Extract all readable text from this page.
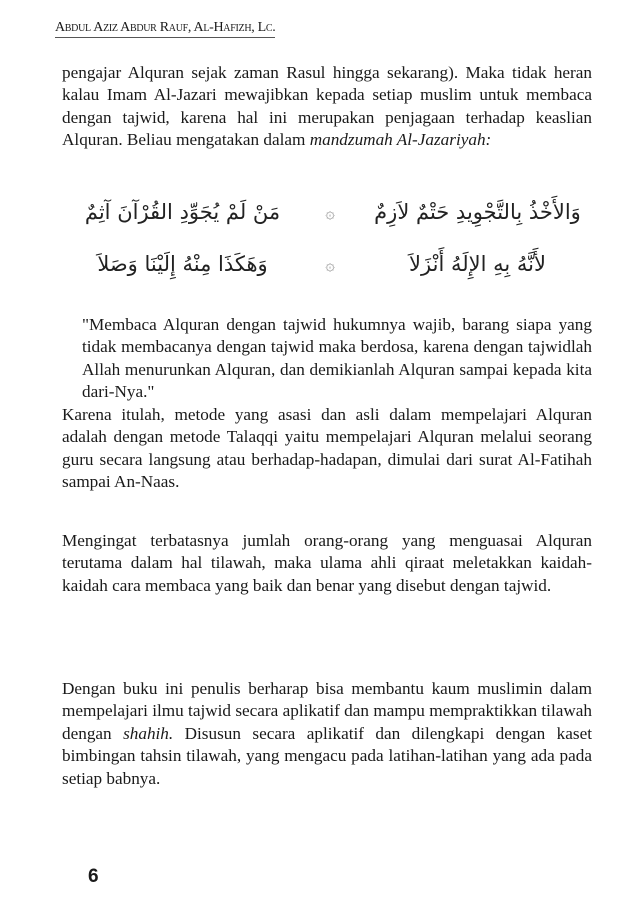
Abdul Aziz Abdur Rauf, Al-Hafizh, Lc.
pengajar Alquran sejak zaman Rasul hingga sekarang). Maka tidak heran kalau Imam Al-Jazari mewajibkan kepada setiap muslim untuk membaca dengan tajwid, karena hal ini merupakan penjagaan terhadap keaslian Alquran. Beliau mengatakan dalam mandzumah Al-Jazariyah:
وَالأَخْذُ بِالتَّجْوِيدِ حَتْمٌ لاَزِمٌ
۞
مَنْ لَمْ يُجَوِّدِ القُرْآنَ آثِمٌ
لأَنَّهُ بِهِ الإِلَهُ أَنْزَلاَ
۞
وَهَكَذَا مِنْهُ إِلَيْنَا وَصَلاَ
"Membaca Alquran dengan tajwid hukumnya wajib, barang siapa yang tidak membacanya dengan tajwid maka berdosa, karena dengan tajwidlah Allah menurunkan Alquran, dan demikianlah Alquran sampai kepada kita dari-Nya."
Karena itulah, metode yang asasi dan asli dalam mempelajari Alquran adalah dengan metode Talaqqi yaitu mempelajari Alquran melalui seorang guru secara langsung atau berhadap-hadapan, dimulai dari surat Al-Fatihah sampai An-Naas.
Mengingat terbatasnya jumlah orang-orang yang menguasai Alquran terutama dalam hal tilawah, maka ulama ahli qiraat meletakkan kaidah-kaidah cara membaca yang baik dan benar yang disebut dengan tajwid.
Dengan buku ini penulis berharap bisa membantu kaum muslimin dalam mempelajari ilmu tajwid secara aplikatif dan mampu mempraktikkan tilawah dengan shahih. Disusun secara aplikatif dan dilengkapi dengan kaset bimbingan tahsin tilawah, yang mengacu pada latihan-latihan yang ada pada setiap babnya.
6
